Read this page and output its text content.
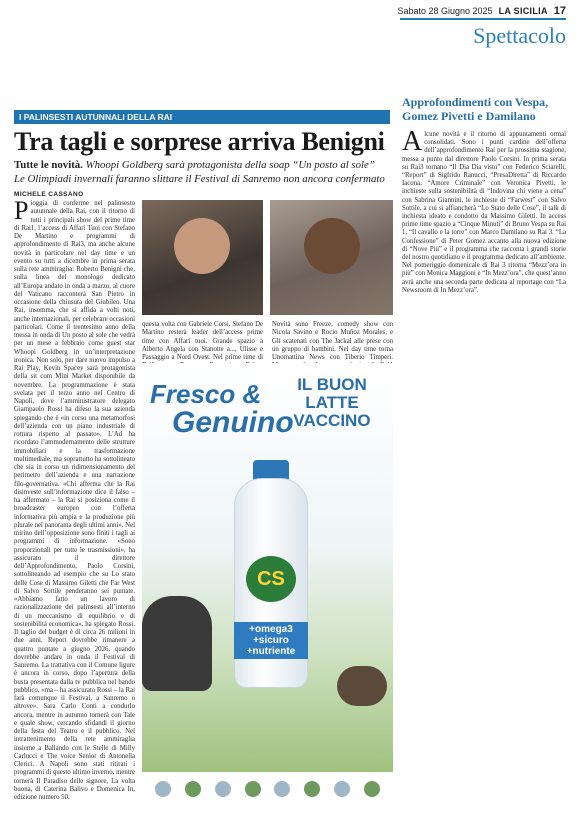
Sabato 28 Giugno 2025 LA SICILIA 17
Spettacolo
I PALINSESTI AUTUNNALI DELLA RAI
Tra tagli e sorprese arriva Benigni
Tutte le novità. Whoopi Goldberg sarà protagonista della soap “Un posto al sole”
Le Olimpiadi invernali faranno slittare il Festival di Sanremo non ancora confermato
MICHELE CASSANO
P ioggia di conferme nel palinsesto autunnale della Rai, con il ritorno di tutti i principali show del prime time di Rai1, l’access di Affari Tuoi con Stefano De Martino e programmi di approfondimento di Rai3, ma anche alcune novità in particolare nel day time e un evento su tutti a dicembre in prima serata sulla rete ammiraglia: Roberto Benigni che, sulla linea del monologo dedicato all’Europa andato in onda a marzo, al cuore del Vaticano racconterà San Pietro in occasione della chiusura del Giubileo. Una Rai, insomma, che si affida a volti noti, anche internazionali, per celebrare occasioni particolari. Come il trentesimo anno della messa in onda di Un posto al sole che vedrà per un mese a febbraio come guest star Whoopi Goldberg in un’interpretazione ironica. Non solo, per dare nuovo impulso a Rai Play, Kevin Spacey sarà protagonista della sit com Mini Market disponibile da novembre. La programmazione è stata svelata per il terzo anno nel Centro di Napoli, dove l’amministratore delegato Giampaolo Rossi ha difeso la sua azienda spiegando che è «in corso una metamorfosi dell’azienda con un piano industriale di rottura rispetto al passato». L’Ad ha ricordato l’ammodernamento delle strutture immobiliari e la trasformazione multimediale, ma soprattutto ha sottolineato che sia in corso un ridimensionamento del perimetro dell’azienda e una narrazione filo-governativa. «Chi afferma che la Rai disinveste sull’informazione dice il falso – ha affermato – la Rai si posiziona come il broadcaster europeo con l’offerta informativa più ampia e la produzione più plurale nel panorama degli ultimi anni». Nel mirino dell’opposizione sono finiti i tagli ai programmi di informazione. «Sono proporzionali per tutte le trasmissioni», ha assicurato il direttore dell’Approfondimento, Paolo Corsini, sottolineando ad esempio che su Lo stato delle Cose di Massimo Giletti che Far West di Salvo Sottile penderanno sei puntate. «Abbiamo fatto un lavoro di razionalizzazione dei palinsesti all’interno di un meccanismo di equilibrio e di sostenibilità economica», ha spiegato Rossi. Il taglio del budget è di circa 26 milioni in due anni. Report dovrebbe rimanere a quattro puntate a giugno 2026, quando dovrebbe andare in onda il Festival di Sanremo. La trattativa con il Comune ligure è ancora in corso, dopo l’apertura della busta presentata dalla tv pubblica nel bando pubblico, «ma – ha assicurato Rossi – la Rai farà comunque il Festival, a Sanremo o altrove». Sara Carlo Conti a condurlo ancora, mentre in autunno tornerà con Tale e quale show, cercando sfidandi il giorno della festa del Teatro e il pubblico. Nel intrattenimento della rete ammiraglia insieme a Ballando con le Stelle di Milly Carlucci e The voice Senior di Antonella Clerici. A Napoli sono stati ritirati i programmi di questo ultimo inverno, mentre tornerà Il Paradiso delle signore, La volta buona, di Caterina Balivo e Domenica In, edizione numero 50.
questa volta con Gabriele Corsi. Stefano De Martino resterà leader dell’access prime time con Affari tuoi. Grande spazio a Alberto Angela con Stanotte a..., Ulisse e Passaggio a Nord Ovest. Nel prime time di
Novità sono Freeze, comedy show con Nicola Savino e Rocio Muñoz Morales, e Gli scatenati con The Jackal alle prese con un gruppo di bambini. Nel day time torna Unomattina News con Tiberio Timperi.
Fresco &
Genuino
IL BUON LATTE VACCINO
CS
+omega3 +sicuro +nutriente
Approfondimenti con Vespa, Gomez Pivetti e Damilano
A lcune novità e il ritorno di appuntamenti ormai consolidati. Sono i punti cardine dell’offerta dell’approfondimento Rai per la prossima stagione, messa a punto dal direttore Paolo Corsini. In prima serata su Rai3 tornano “Il Dia Dia visto” con Federico Sciarelli, “Report” di Sigfrido Ranucci, “PresaDiretta” di Riccardo Iacona, “Amore Criminale” con Veronica Pivetti, le inchieste sulla sostenibilità di “Indovina chi viene a cena” con Sabrina Giannini, le inchieste di “Farwest” con Salvo Sottile, a cui si affiancherà “Lo Stato delle Cose”, il talk di inchiesta ideato e condotto da Massimo Giletti. In access prime time spazio a “Cinque Minuti” di Bruno Vespa su Rai 1, “Il cavallo e la torre” con Marco Damilano su Rai 3. “La Confessione” di Peter Gomez accanto alla nuova edizione di “Nove Più” e il programma che racconta i grandi storie del nostro quotidiano e il programma dedicato all’ambiente. Nel pomeriggio domenicale di Rai 3 ritorna “Mezz’ora in più” con Monica Maggioni e “In Mezz’ora”, che quest’anno avrà anche una seconda parte dedicata al reportage con “La Newsroom di In Mezz’ora”.
